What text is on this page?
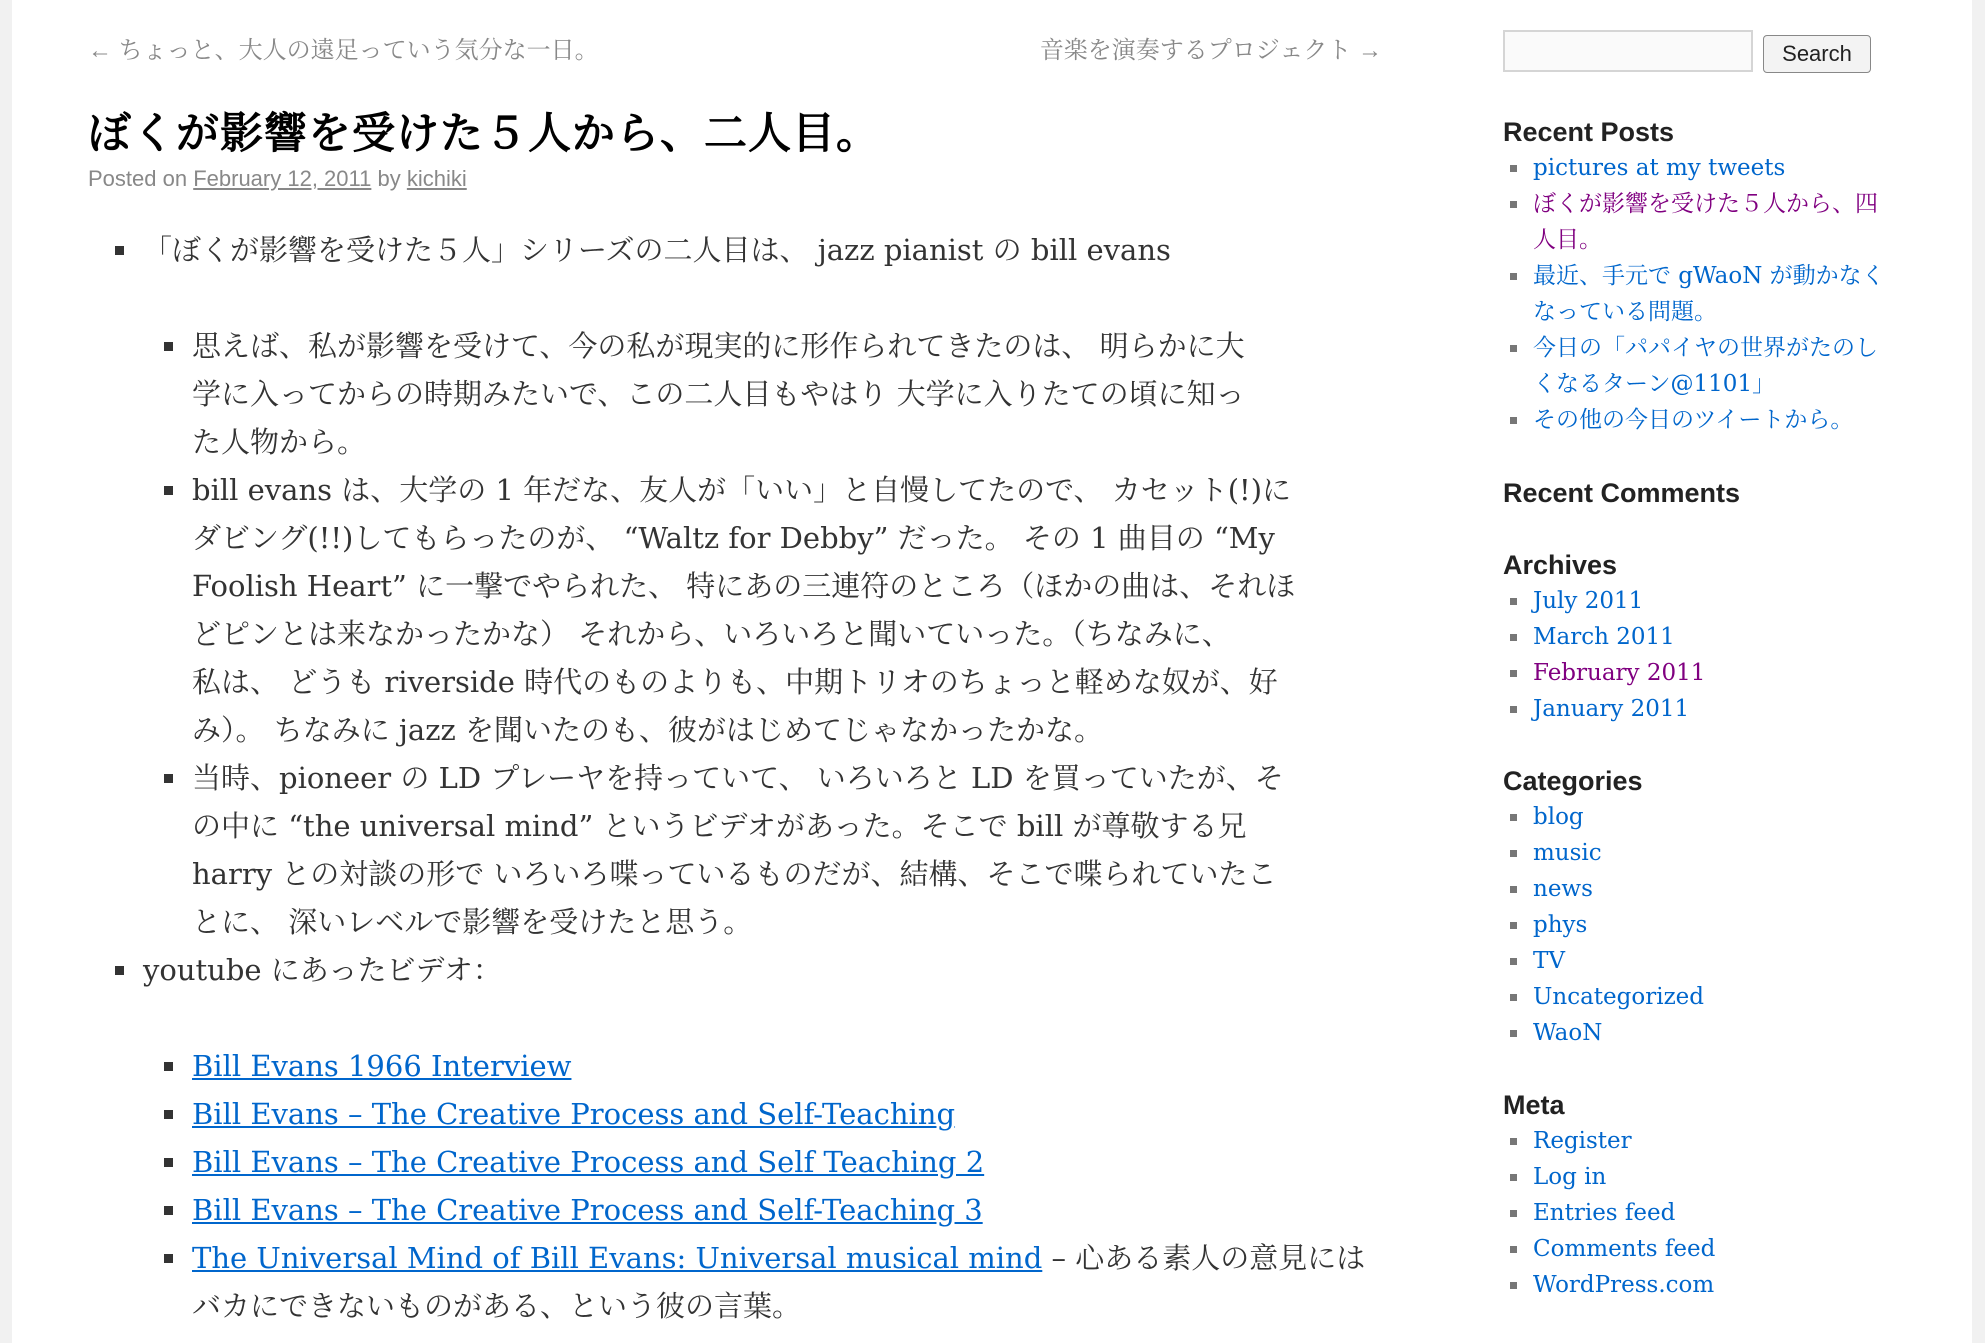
← ちょっと、大人の遠足っていう気分な一日。	音楽を演奏するプロジェクト →
ぼくが影響を受けた５人から、二人目。
Posted on February 12, 2011 by kichiki
「ぼくが影響を受けた５人」シリーズの二人目は、 jazz pianist の bill evans
思えば、私が影響を受けて、今の私が現実的に形作られてきたのは、 明らかに大
学に入ってからの時期みたいで、この二人目もやはり 大学に入りたての頃に知っ
た人物から。
bill evans は、大学の 1 年だな、友人が「いい」と自慢してたので、 カセット(!)に
ダビング(!!)してもらったのが、 “Waltz for Debby” だった。 その 1 曲目の “My
Foolish Heart” に一撃でやられた、 特にあの三連符のところ（ほかの曲は、それほ
どピンとは来なかったかな） それから、いろいろと聞いていった。（ちなみに、
私は、 どうも riverside 時代のものよりも、中期トリオのちょっと軽めな奴が、好
み）。 ちなみに jazz を聞いたのも、彼がはじめてじゃなかったかな。
当時、pioneer の LD プレーヤを持っていて、 いろいろと LD を買っていたが、そ
の中に “the universal mind” というビデオがあった。そこで bill が尊敬する兄
harry との対談の形で いろいろ喋っているものだが、結構、そこで喋られていたこ
とに、 深いレベルで影響を受けたと思う。
youtube にあったビデオ：
Bill Evans 1966 Interview
Bill Evans – The Creative Process and Self-Teaching
Bill Evans – The Creative Process and Self Teaching 2
Bill Evans – The Creative Process and Self-Teaching 3
The Universal Mind of Bill Evans: Universal musical mind – 心ある素人の意見には
バカにできないものがある、という彼の言葉。
Search
Recent Posts
pictures at my tweets
ぼくが影響を受けた５人から、四
人目。
最近、手元で gWaoN が動かなく
なっている問題。
今日の「パパイヤの世界がたのし
くなるターン@1101」
その他の今日のツイートから。
Recent Comments
Archives
July 2011
March 2011
February 2011
January 2011
Categories
blog
music
news
phys
TV
Uncategorized
WaoN
Meta
Register
Log in
Entries feed
Comments feed
WordPress.com
